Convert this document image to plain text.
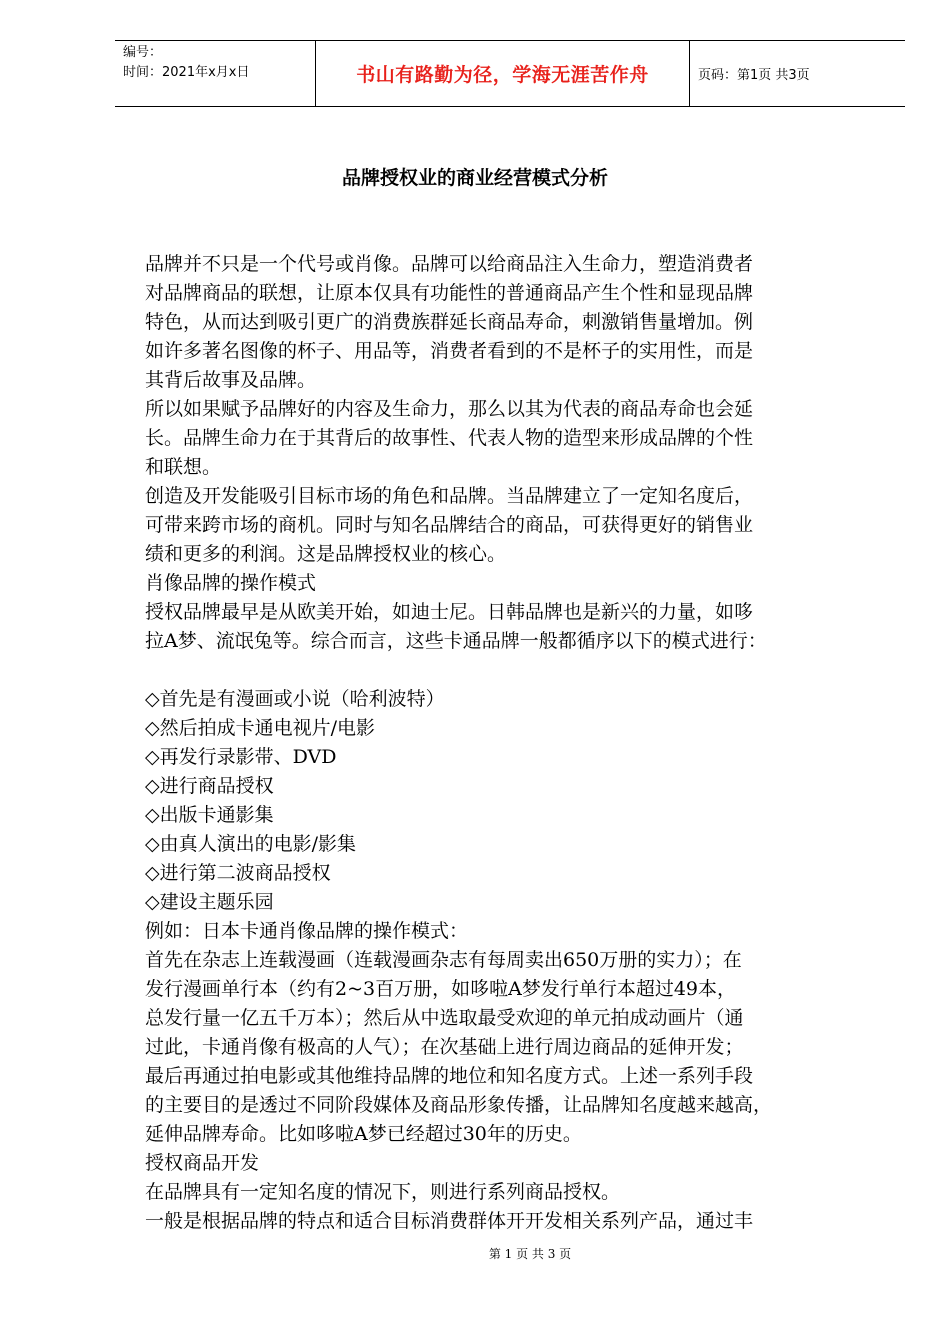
编号：
时间：2021年x月x日	书山有路勤为径，学海无涯苦作舟	页码：第1页 共3页
品牌授权业的商业经营模式分析

品牌并不只是一个代号或肖像。品牌可以给商品注入生命力，塑造消费者

对品牌商品的联想，让原本仅具有功能性的普通商品产生个性和显现品牌

特色，从而达到吸引更广的消费族群延长商品寿命，刺激销售量增加。例

如许多著名图像的杯子、用品等，消费者看到的不是杯子的实用性，而是

其背后故事及品牌。

所以如果赋予品牌好的内容及生命力，那么以其为代表的商品寿命也会延

长。品牌生命力在于其背后的故事性、代表人物的造型来形成品牌的个性

和联想。

创造及开发能吸引目标市场的角色和品牌。当品牌建立了一定知名度后，

可带来跨市场的商机。同时与知名品牌结合的商品，可获得更好的销售业

绩和更多的利润。这是品牌授权业的核心。

肖像品牌的操作模式

授权品牌最早是从欧美开始，如迪士尼。日韩品牌也是新兴的力量，如哆

拉A梦、流氓兔等。综合而言，这些卡通品牌一般都循序以下的模式进行：

◇首先是有漫画或小说（哈利波特）

◇然后拍成卡通电视片/电影

◇再发行录影带、DVD

◇进行商品授权

◇出版卡通影集

◇由真人演出的电影/影集

◇进行第二波商品授权

◇建设主题乐园

例如：日本卡通肖像品牌的操作模式：

首先在杂志上连载漫画（连载漫画杂志有每周卖出650万册的实力）；在

发行漫画单行本（约有2~3百万册，如哆啦A梦发行单行本超过49本，

总发行量一亿五千万本）；然后从中选取最受欢迎的单元拍成动画片（通

过此，卡通肖像有极高的人气）；在次基础上进行周边商品的延伸开发；

最后再通过拍电影或其他维持品牌的地位和知名度方式。上述一系列手段

的主要目的是透过不同阶段媒体及商品形象传播，让品牌知名度越来越高，

延伸品牌寿命。比如哆啦A梦已经超过30年的历史。

授权商品开发

在品牌具有一定知名度的情况下，则进行系列商品授权。

一般是根据品牌的特点和适合目标消费群体开开发相关系列产品，通过丰

第 1 页 共 3 页
